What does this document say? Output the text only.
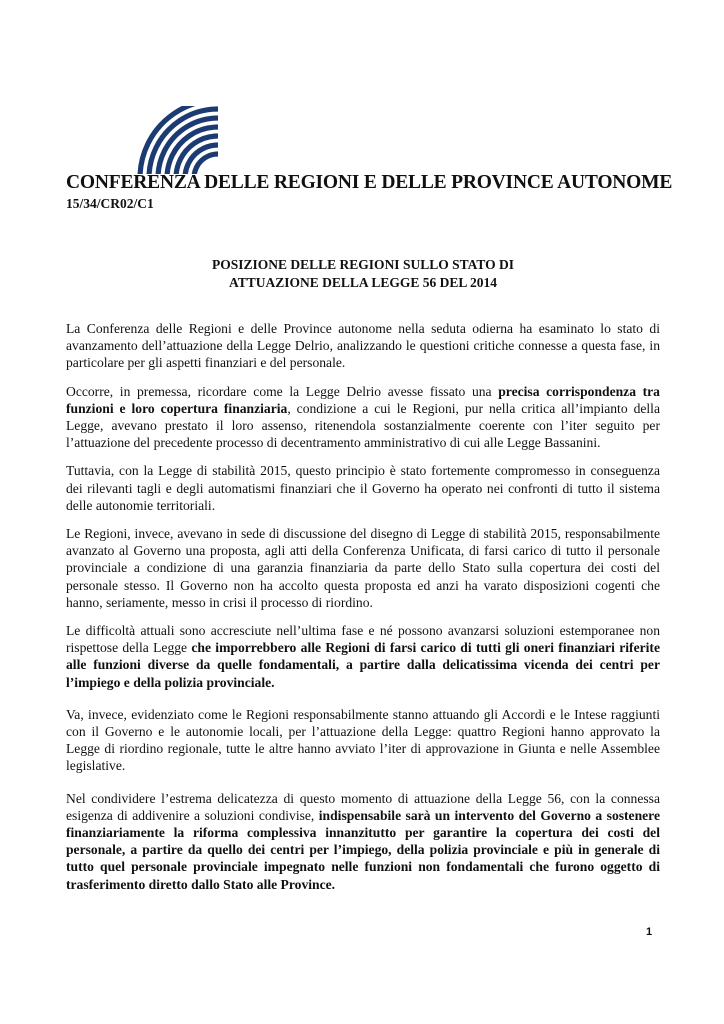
CONFERENZA DELLE REGIONI E DELLE PROVINCE AUTONOME
15/34/CR02/C1
POSIZIONE DELLE REGIONI SULLO STATO DI
ATTUAZIONE DELLA LEGGE 56 DEL 2014

La Conferenza delle Regioni e delle Province autonome nella seduta odierna ha esaminato lo stato di avanzamento dell’attuazione della Legge Delrio, analizzando le questioni critiche connesse a questa fase, in particolare per gli aspetti finanziari e del personale.

Occorre, in premessa, ricordare come la Legge Delrio avesse fissato una precisa corrispondenza tra funzioni e loro copertura finanziaria, condizione a cui le Regioni, pur nella critica all’impianto della Legge, avevano prestato il loro assenso, ritenendola sostanzialmente coerente con l’iter seguito per l’attuazione del precedente processo di decentramento amministrativo di cui alle Legge Bassanini.

Tuttavia, con la Legge di stabilità 2015, questo principio è stato fortemente compromesso in conseguenza dei rilevanti tagli e degli automatismi finanziari che il Governo ha operato nei confronti di tutto il sistema delle autonomie territoriali.

Le Regioni, invece, avevano in sede di discussione del disegno di Legge di stabilità 2015, responsabilmente avanzato al Governo una proposta, agli atti della Conferenza Unificata, di farsi carico di tutto il personale provinciale a condizione di una garanzia finanziaria da parte dello Stato sulla copertura dei costi del personale stesso. Il Governo non ha accolto questa proposta ed anzi ha varato disposizioni cogenti che hanno, seriamente, messo in crisi il processo di riordino.

Le difficoltà attuali sono accresciute nell’ultima fase e né possono avanzarsi soluzioni estemporanee non rispettose della Legge che imporrebbero alle Regioni di farsi carico di tutti gli oneri finanziari riferite alle funzioni diverse da quelle fondamentali, a partire dalla delicatissima vicenda dei centri per l’impiego e della polizia provinciale.

Va, invece, evidenziato come le Regioni responsabilmente stanno attuando gli Accordi e le Intese raggiunti con il Governo e le autonomie locali, per l’attuazione della Legge: quattro Regioni hanno approvato la Legge di riordino regionale, tutte le altre hanno avviato l’iter di approvazione in Giunta e nelle Assemblee legislative.

Nel condividere l’estrema delicatezza di questo momento di attuazione della Legge 56, con la connessa esigenza di addivenire a soluzioni condivise, indispensabile sarà un intervento del Governo a sostenere finanziariamente la riforma complessiva innanzitutto per garantire la copertura dei costi del personale, a partire da quello dei centri per l’impiego, della polizia provinciale e più in generale di tutto quel personale provinciale impegnato nelle funzioni non fondamentali che furono oggetto di trasferimento diretto dallo Stato alle Province.

1
